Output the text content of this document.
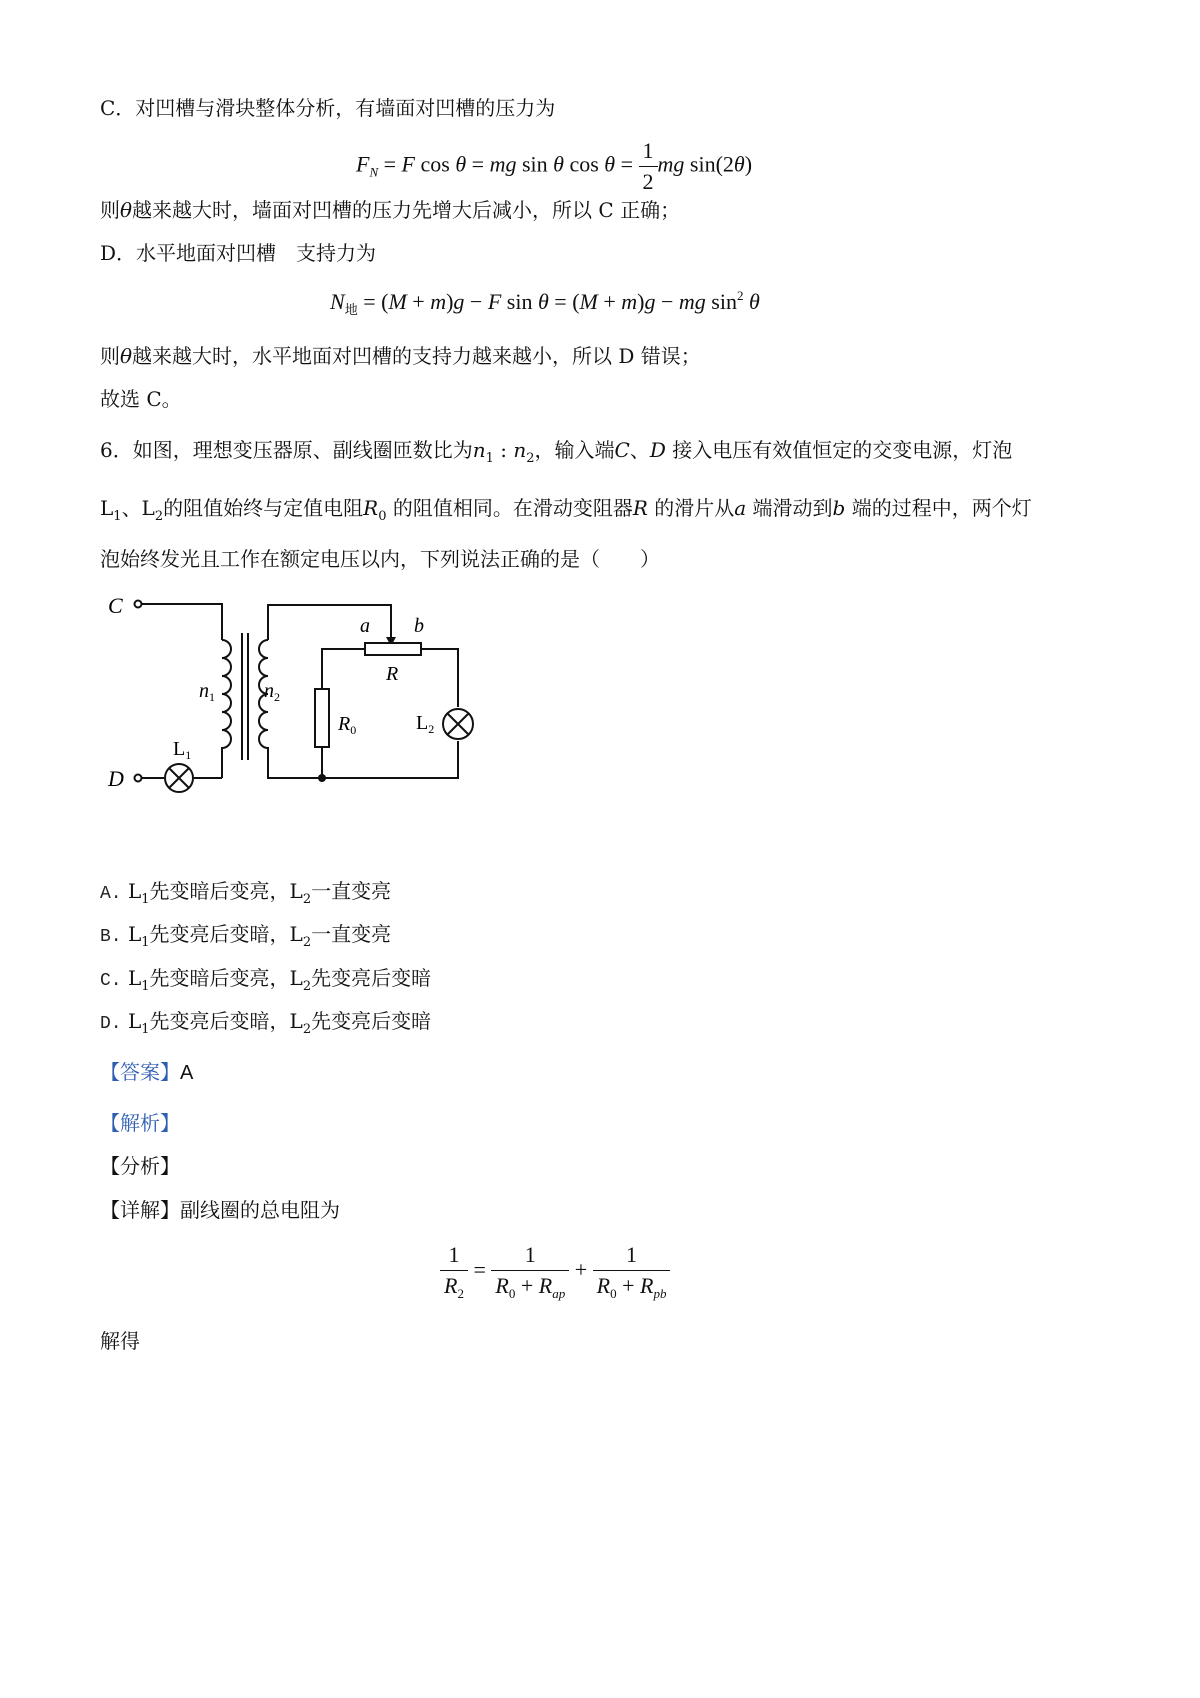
C．对凹槽与滑块整体分析，有墙面对凹槽的压力为
$F_N = F$ cos θ = mg sin θ $\cos \theta = \frac{1}{2}$ mg sin(2θ)
则θ越来越大时，墙面对凹槽的压力先增大后减小，所以 C 正确；
D．水平地面对凹槽　支持力为
$N_地 = (M + m)g - F$ sin θ = (M + m)g − mg $\sin^2 \theta$
则θ越来越大时，水平地面对凹槽的支持力越来越小，所以 D 错误；
故选 C。
6．如图，理想变压器原、副线圈匝数比为$n_1$ : $n_2$，输入端C、D 接入电压有效值恒定的交变电源，灯泡
$L_1$、$L_2$的阻值始终与定值电阻$R_0$ 的阻值相同。在滑动变阻器R 的滑片从a 端滑动到b 端的过程中，两个灯
泡始终发光且工作在额定电压以内，下列说法正确的是（　　）
C
D
a b
R
$n_1$ $n_2$
$R_0$	$L_2$
$L_1$
A. $L_1$先变暗后变亮，$L_2$一直变亮
B. $L_1$先变亮后变暗，$L_2$一直变亮
C. $L_1$先变暗后变亮，$L_2$先变亮后变暗
D. $L_1$先变亮后变暗，$L_2$先变亮后变暗
【答案】A
【解析】
【分析】
【详解】副线圈的总电阻为
$\frac{1}{R_2} = \frac{1}{R_0 + R_{ap}} + \frac{1}{R_0 + R_{pb}}$
解得
